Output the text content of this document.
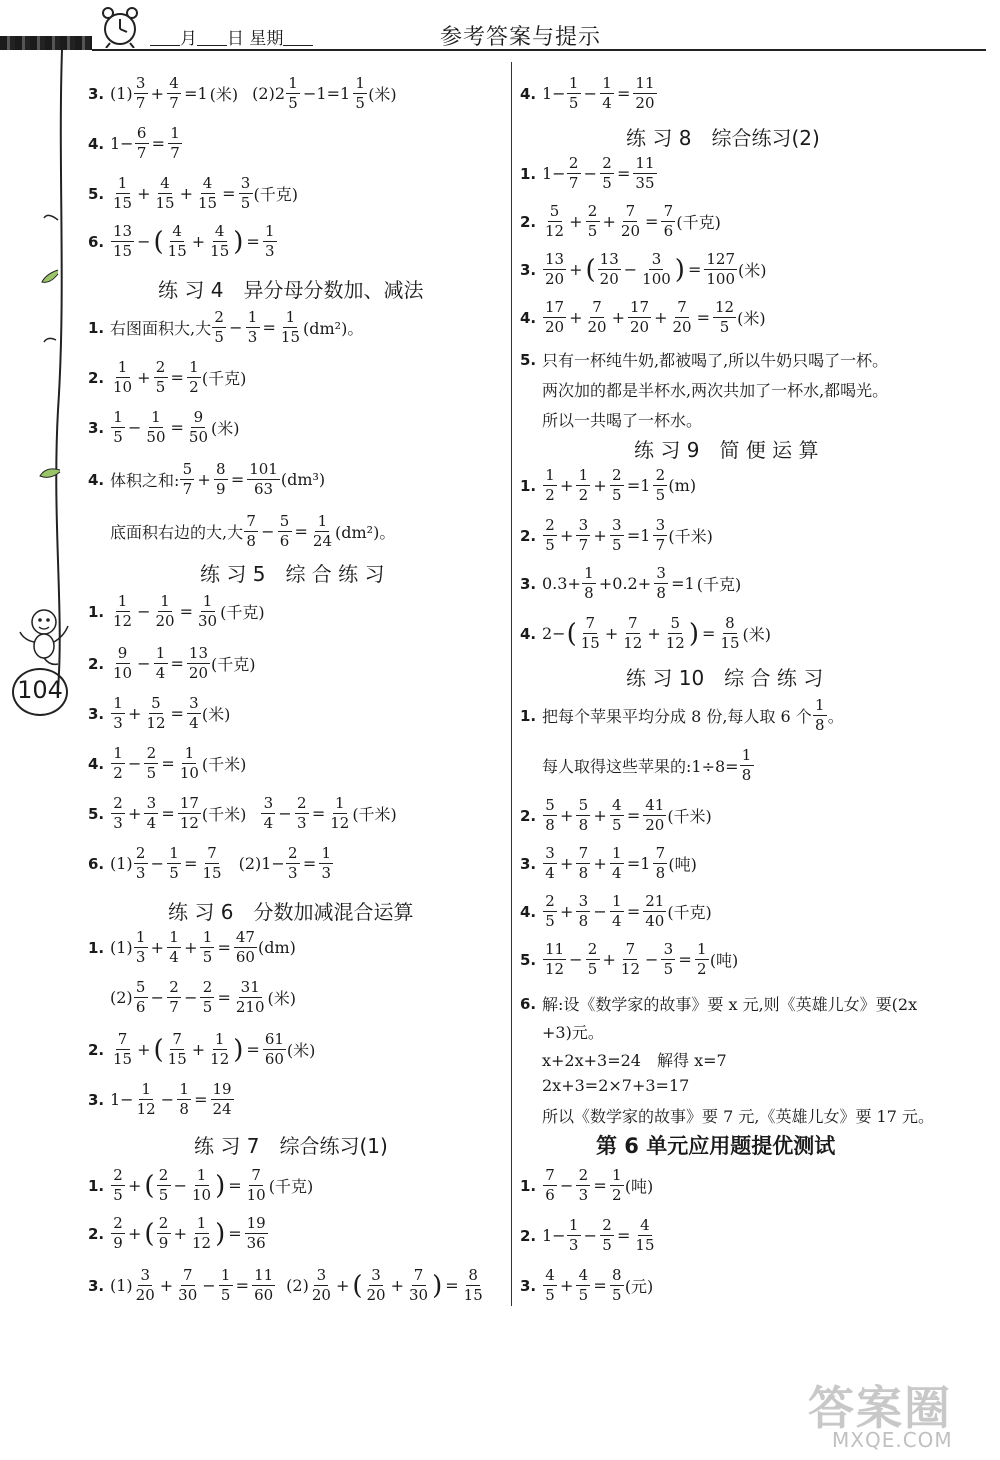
月 日 星期	参考答案与提示
104
3. $(1) \frac{3}{7} + \frac{4}{7} =1$ (米) $(2)2 \frac{1}{5} -1=1 \frac{1}{5}$ (米)
4. $1- \frac{6}{7} = \frac{1}{7}$
5. $\frac{1}{15} + \frac{4}{15} + \frac{4}{15} = \frac{3}{5}$ (千克)
6. $\frac{13}{15}$ − ( $\frac{4}{15} + \frac{4}{15}$ ) = $\frac{1}{3}$
练 习 4　异分母分数加、减法
1. 右图面积大,大 $\frac{2}{5} - \frac{1}{3} = \frac{1}{15} (dm^2)$。
2. $\frac{1}{10} + \frac{2}{5} = \frac{1}{2}$ (千克)
3. $\frac{1}{5} - \frac{1}{50} = \frac{9}{50}$ (米)
4. 体积之和: $\frac{5}{7} + \frac{8}{9} = \frac{101}{63} (dm^3)$
底面积右边的大,大 $\frac{7}{8} - \frac{5}{6} = \frac{1}{24} (dm^2)$。
练 习 5　综 合 练 习
1. $\frac{1}{12} - \frac{1}{20} = \frac{1}{30}$ (千克)
2. $\frac{9}{10} - \frac{1}{4} = \frac{13}{20}$ (千克)
3. $\frac{1}{3} + \frac{5}{12} = \frac{3}{4}$ (米)
4. $\frac{1}{2} - \frac{2}{5} = \frac{1}{10}$ (千米)
5. $\frac{2}{3} + \frac{3}{4} = \frac{17}{12}$ (千米) $\frac{3}{4} - \frac{2}{3} = \frac{1}{12}$ (千米)
6. $(1) \frac{2}{3} - \frac{1}{5} = \frac{7}{15} (2)1- \frac{2}{3} = \frac{1}{3}$
练 习 6　分数加减混合运算
1. $(1) \frac{1}{3} + \frac{1}{4} + \frac{1}{5} = \frac{47}{60} (dm)$
$(2) \frac{5}{6} - \frac{2}{7} - \frac{2}{5} = \frac{31}{210}$ (米)
2. $\frac{7}{15}$ + ( $\frac{7}{15} + \frac{1}{12}$ ) = $\frac{61}{60}$ (米)
3. $1- \frac{1}{12} - \frac{1}{8} = \frac{19}{24}$
练 习 7　综合练习(1)
1. $\frac{2}{5}$ + ( $\frac{2}{5} - \frac{1}{10}$ ) = $\frac{7}{10}$ (千克)
2. $\frac{2}{9}$ + ( $\frac{2}{9} + \frac{1}{12}$ ) = $\frac{19}{36}$
3. $(1) \frac{3}{20} + \frac{7}{30} - \frac{1}{5} = \frac{11}{60} (2) \frac{3}{20}$ + ( $\frac{3}{20} + \frac{7}{30}$ ) = $\frac{8}{15}$
4. $1- \frac{1}{5} - \frac{1}{4} = \frac{11}{20}$
练 习 8　综合练习(2)
1. $1- \frac{2}{7} - \frac{2}{5} = \frac{11}{35}$
2. $\frac{5}{12} + \frac{2}{5} + \frac{7}{20} = \frac{7}{6}$ (千克)
3. $\frac{13}{20}$ + ( $\frac{13}{20} - \frac{3}{100}$ ) = $\frac{127}{100}$ (米)
4. $\frac{17}{20} + \frac{7}{20} + \frac{17}{20} + \frac{7}{20} = \frac{12}{5}$ (米)
5. 只有一杯纯牛奶,都被喝了,所以牛奶只喝了一杯。
两次加的都是半杯水,两次共加了一杯水,都喝光。
所以一共喝了一杯水。
练 习 9　简 便 运 算
1. $\frac{1}{2} + \frac{1}{2} + \frac{2}{5} =1 \frac{2}{5} (m)$
2. $\frac{2}{5} + \frac{3}{7} + \frac{3}{5} =1 \frac{3}{7}$ (千米)
3. $0.3+ \frac{1}{8} +0.2+ \frac{3}{8} =1$ (千克)
4. 2− ( $\frac{7}{15} + \frac{7}{12} + \frac{5}{12}$ ) = $\frac{8}{15}$ (米)
练 习 10　综 合 练 习
1. 把每个苹果平均分成 8 份,每人取 6 个 $\frac{1}{8}$ 。
每人取得这些苹果的:1÷8= $\frac{1}{8}$
2. $\frac{5}{8} + \frac{5}{8} + \frac{4}{5} = \frac{41}{20}$ (千米)
3. $\frac{3}{4} + \frac{7}{8} + \frac{1}{4} =1 \frac{7}{8}$ (吨)
4. $\frac{2}{5} + \frac{3}{8} - \frac{1}{4} = \frac{21}{40}$ (千克)
5. $\frac{11}{12} - \frac{2}{5} + \frac{7}{12} - \frac{3}{5} = \frac{1}{2}$ (吨)
6. 解:设《数学家的故事》要 x 元,则《英雄儿女》要(2x
+3)元。
x+2x+3=24　解得 x=7
2x+3=2×7+3=17
所以《数学家的故事》要 7 元,《英雄儿女》要 17 元。
第 6 单元应用题提优测试
1. $\frac{7}{6} - \frac{2}{3} = \frac{1}{2}$ (吨)
2. $1- \frac{1}{3} - \frac{2}{5} = \frac{4}{15}$
3. $\frac{4}{5} + \frac{4}{5} = \frac{8}{5}$ (元)
答案圈
MXQE.COM
